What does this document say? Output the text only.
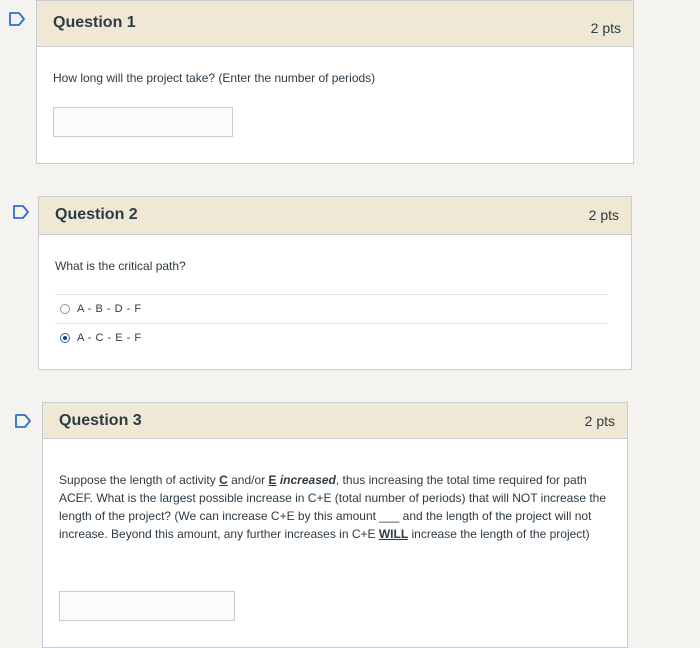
Question 1	2 pts
How long will the project take? (Enter the number of periods)
Question 2	2 pts
What is the critical path?
A - B - D - F
A - C - E - F
Question 3	2 pts
Suppose the length of activity C and/or E increased, thus increasing the total time required for path ACEF. What is the largest possible increase in C+E (total number of periods) that will NOT increase the length of the project? (We can increase C+E by this amount ___ and the length of the project will not increase. Beyond this amount, any further increases in C+E WILL increase the length of the project)
